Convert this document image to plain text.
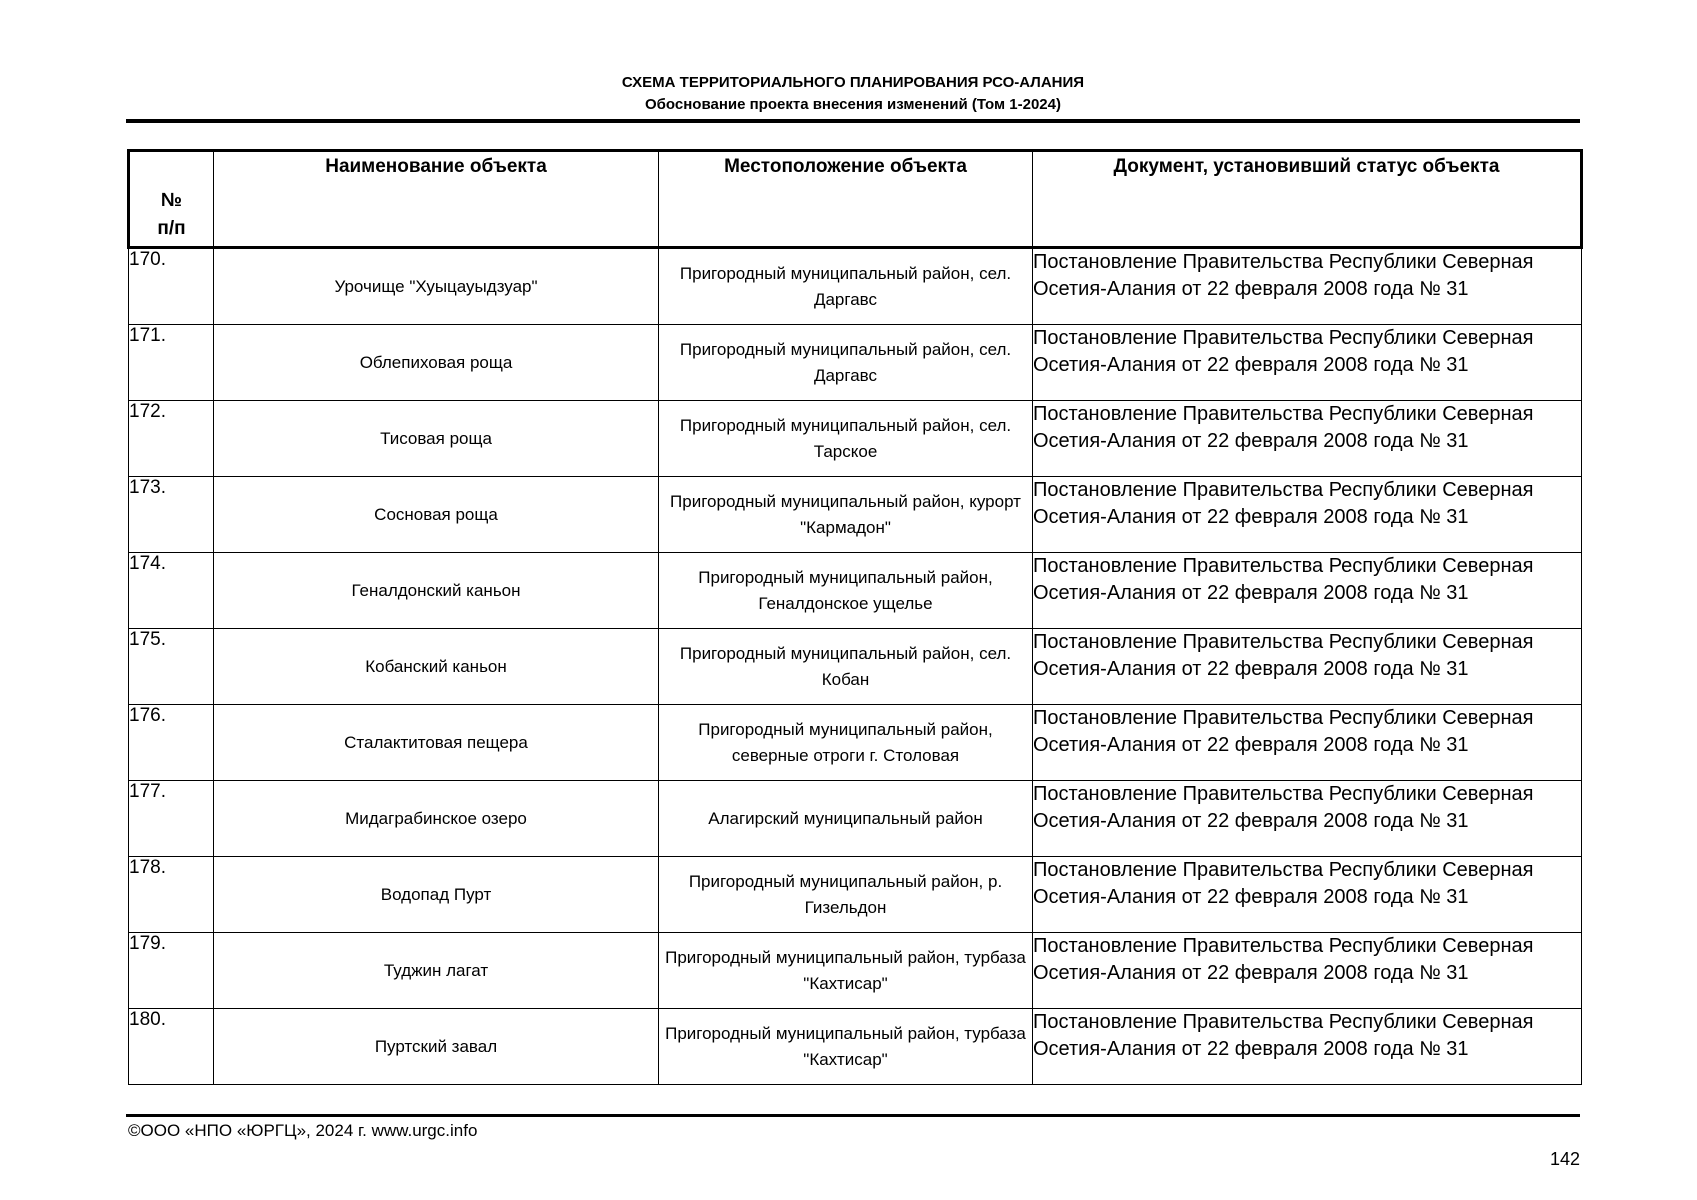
СХЕМА ТЕРРИТОРИАЛЬНОГО ПЛАНИРОВАНИЯ РСО-АЛАНИЯ
Обоснование проекта внесения изменений (Том 1-2024)
№
п/п	Наименование объекта	Местоположение объекта	Документ, установивший статус объекта
170.	Урочище "Хуыцауыдзуар"	Пригородный муниципальный район, сел. Даргавс	Постановление Правительства Республики Северная Осетия-Алания от 22 февраля 2008 года № 31
171.	Облепиховая роща	Пригородный муниципальный район, сел. Даргавс	Постановление Правительства Республики Северная Осетия-Алания от 22 февраля 2008 года № 31
172.	Тисовая роща	Пригородный муниципальный район, сел. Тарское	Постановление Правительства Республики Северная Осетия-Алания от 22 февраля 2008 года № 31
173.	Сосновая роща	Пригородный муниципальный район, курорт "Кармадон"	Постановление Правительства Республики Северная Осетия-Алания от 22 февраля 2008 года № 31
174.	Геналдонский каньон	Пригородный муниципальный район, Геналдонское ущелье	Постановление Правительства Республики Северная Осетия-Алания от 22 февраля 2008 года № 31
175.	Кобанский каньон	Пригородный муниципальный район, сел. Кобан	Постановление Правительства Республики Северная Осетия-Алания от 22 февраля 2008 года № 31
176.	Сталактитовая пещера	Пригородный муниципальный район, северные отроги г. Столовая	Постановление Правительства Республики Северная Осетия-Алания от 22 февраля 2008 года № 31
177.	Мидаграбинское озеро	Алагирский муниципальный район	Постановление Правительства Республики Северная Осетия-Алания от 22 февраля 2008 года № 31
178.	Водопад Пурт	Пригородный муниципальный район, р. Гизельдон	Постановление Правительства Республики Северная Осетия-Алания от 22 февраля 2008 года № 31
179.	Туджин лагат	Пригородный муниципальный район, турбаза "Кахтисар"	Постановление Правительства Республики Северная Осетия-Алания от 22 февраля 2008 года № 31
180.	Пуртский завал	Пригородный муниципальный район, турбаза "Кахтисар"	Постановление Правительства Республики Северная Осетия-Алания от 22 февраля 2008 года № 31
©ООО «НПО «ЮРГЦ», 2024 г. www.urgc.info
142
